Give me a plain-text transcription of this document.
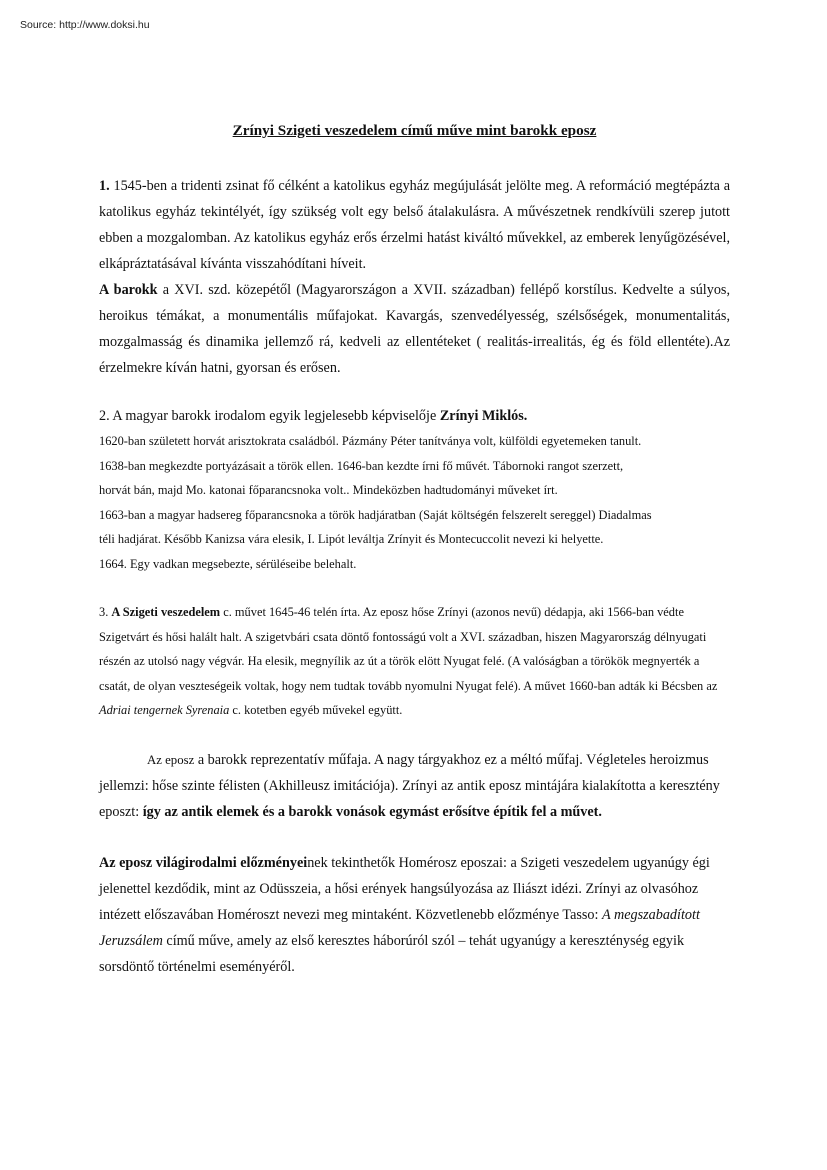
Source: http://www.doksi.hu
Zrínyi Szigeti veszedelem című műve mint barokk eposz

1. 1545-ben a tridenti zsinat fő célként a katolikus egyház megújulását jelölte meg. A reformáció megtépázta a katolikus egyház tekintélyét, így szükség volt egy belső átalakulásra. A művészetnek rendkívüli szerep jutott ebben a mozgalomban. Az katolikus egyház erős érzelmi hatást kiváltó művekkel, az emberek lenyűgözésével, elkápráztatásával kívánta visszahódítani híveit.

A barokk a XVI. szd. közepétől (Magyarországon a XVII. században) fellépő korstílus. Kedvelte a súlyos, heroikus témákat, a monumentális műfajokat. Kavargás, szenvedélyesség, szélsőségek, monumentalitás, mozgalmasság és dinamika jellemző rá, kedveli az ellentéteket ( realitás-irrealitás, ég és föld ellentéte).Az érzelmekre kíván hatni, gyorsan és erősen.

2. A magyar barokk irodalom egyik legjelesebb képviselője Zrínyi Miklós.

1620-ban született horvát arisztokrata családból. Pázmány Péter tanítványa volt, külföldi egyetemeken tanult.

1638-ban megkezdte portyázásait a török ellen. 1646-ban kezdte írni fő művét. Tábornoki rangot szerzett,

horvát bán, majd Mo. katonai főparancsnoka volt.. Mindeközben hadtudományi műveket írt.

1663-ban a magyar hadsereg főparancsnoka a török hadjáratban (Saját költségén felszerelt sereggel) Diadalmas

téli hadjárat. Később Kanizsa vára elesik, I. Lipót leváltja Zrínyit és Montecuccolit nevezi ki helyette.

1664. Egy vadkan megsebezte, sérüléseibe belehalt.

3. A Szigeti veszedelem c. művet 1645-46 telén írta. Az eposz hőse Zrínyi (azonos nevű) dédapja, aki 1566-ban védte Szigetvárt és hősi halált halt. A szigetvbári csata döntő fontosságú volt a XVI. században, hiszen Magyarország délnyugati részén az utolsó nagy végvár. Ha elesik, megnyílik az út a török elött Nyugat felé. (A valóságban a törökök megnyerték a csatát, de olyan veszteségeik voltak, hogy nem tudtak tovább nyomulni Nyugat felé). A művet 1660-ban adták ki Bécsben az Adriai tengernek Syrenaia c. kotetben egyéb művekel együtt.

Az eposz a barokk reprezentatív műfaja. A nagy tárgyakhoz ez a méltó műfaj. Végleteles heroizmus jellemzi: hőse szinte félisten (Akhilleusz imitációja). Zrínyi az antik eposz mintájára kialakította a keresztény eposzt: így az antik elemek és a barokk vonások egymást erősítve építik fel a művet.

Az eposz világirodalmi előzményeinek tekinthetők Homérosz eposzai: a Szigeti veszedelem ugyanúgy égi jelenettel kezdődik, mint az Odüsszeia, a hősi erények hangsúlyozása az Iliászt idézi. Zrínyi az olvasóhoz intézett előszavában Homéroszt nevezi meg mintaként. Közvetlenebb előzménye Tasso: A megszabadított Jeruzsálem című műve, amely az első keresztes háborúról szól – tehát ugyanúgy a kereszténység egyik sorsdöntő történelmi eseményéről.
